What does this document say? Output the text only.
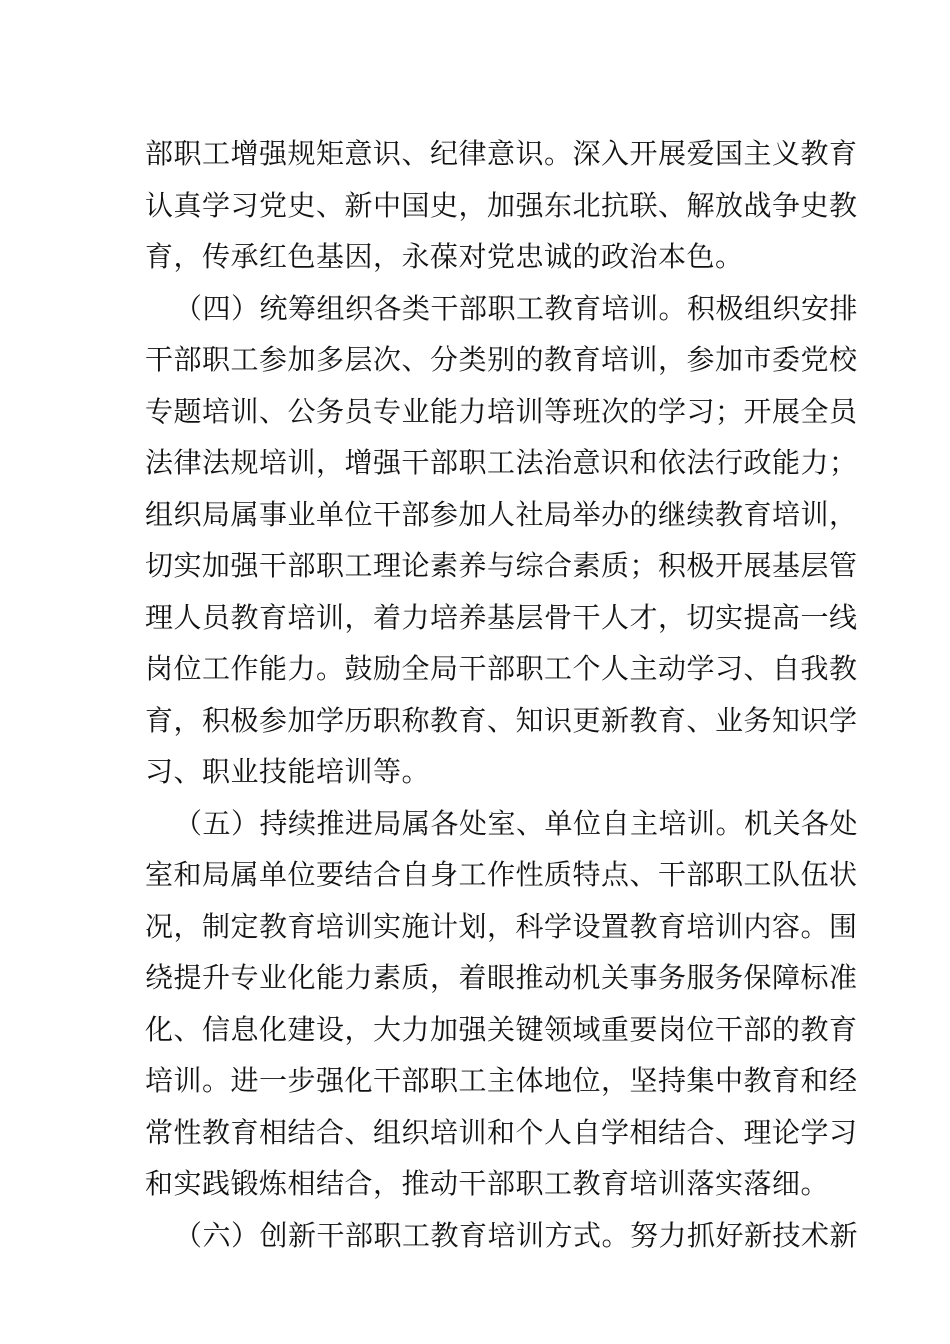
部职工增强规矩意识、纪律意识。深入开展爱国主义教育
认真学习党史、新中国史，加强东北抗联、解放战争史教
育，传承红色基因，永葆对党忠诚的政治本色。
（四）统筹组织各类干部职工教育培训。积极组织安排
干部职工参加多层次、分类别的教育培训，参加市委党校
专题培训、公务员专业能力培训等班次的学习；开展全员
法律法规培训，增强干部职工法治意识和依法行政能力；
组织局属事业单位干部参加人社局举办的继续教育培训，
切实加强干部职工理论素养与综合素质；积极开展基层管
理人员教育培训，着力培养基层骨干人才，切实提高一线
岗位工作能力。鼓励全局干部职工个人主动学习、自我教
育，积极参加学历职称教育、知识更新教育、业务知识学
习、职业技能培训等。
（五）持续推进局属各处室、单位自主培训。机关各处
室和局属单位要结合自身工作性质特点、干部职工队伍状
况，制定教育培训实施计划，科学设置教育培训内容。围
绕提升专业化能力素质，着眼推动机关事务服务保障标准
化、信息化建设，大力加强关键领域重要岗位干部的教育
培训。进一步强化干部职工主体地位，坚持集中教育和经
常性教育相结合、组织培训和个人自学相结合、理论学习
和实践锻炼相结合，推动干部职工教育培训落实落细。
（六）创新干部职工教育培训方式。努力抓好新技术新
